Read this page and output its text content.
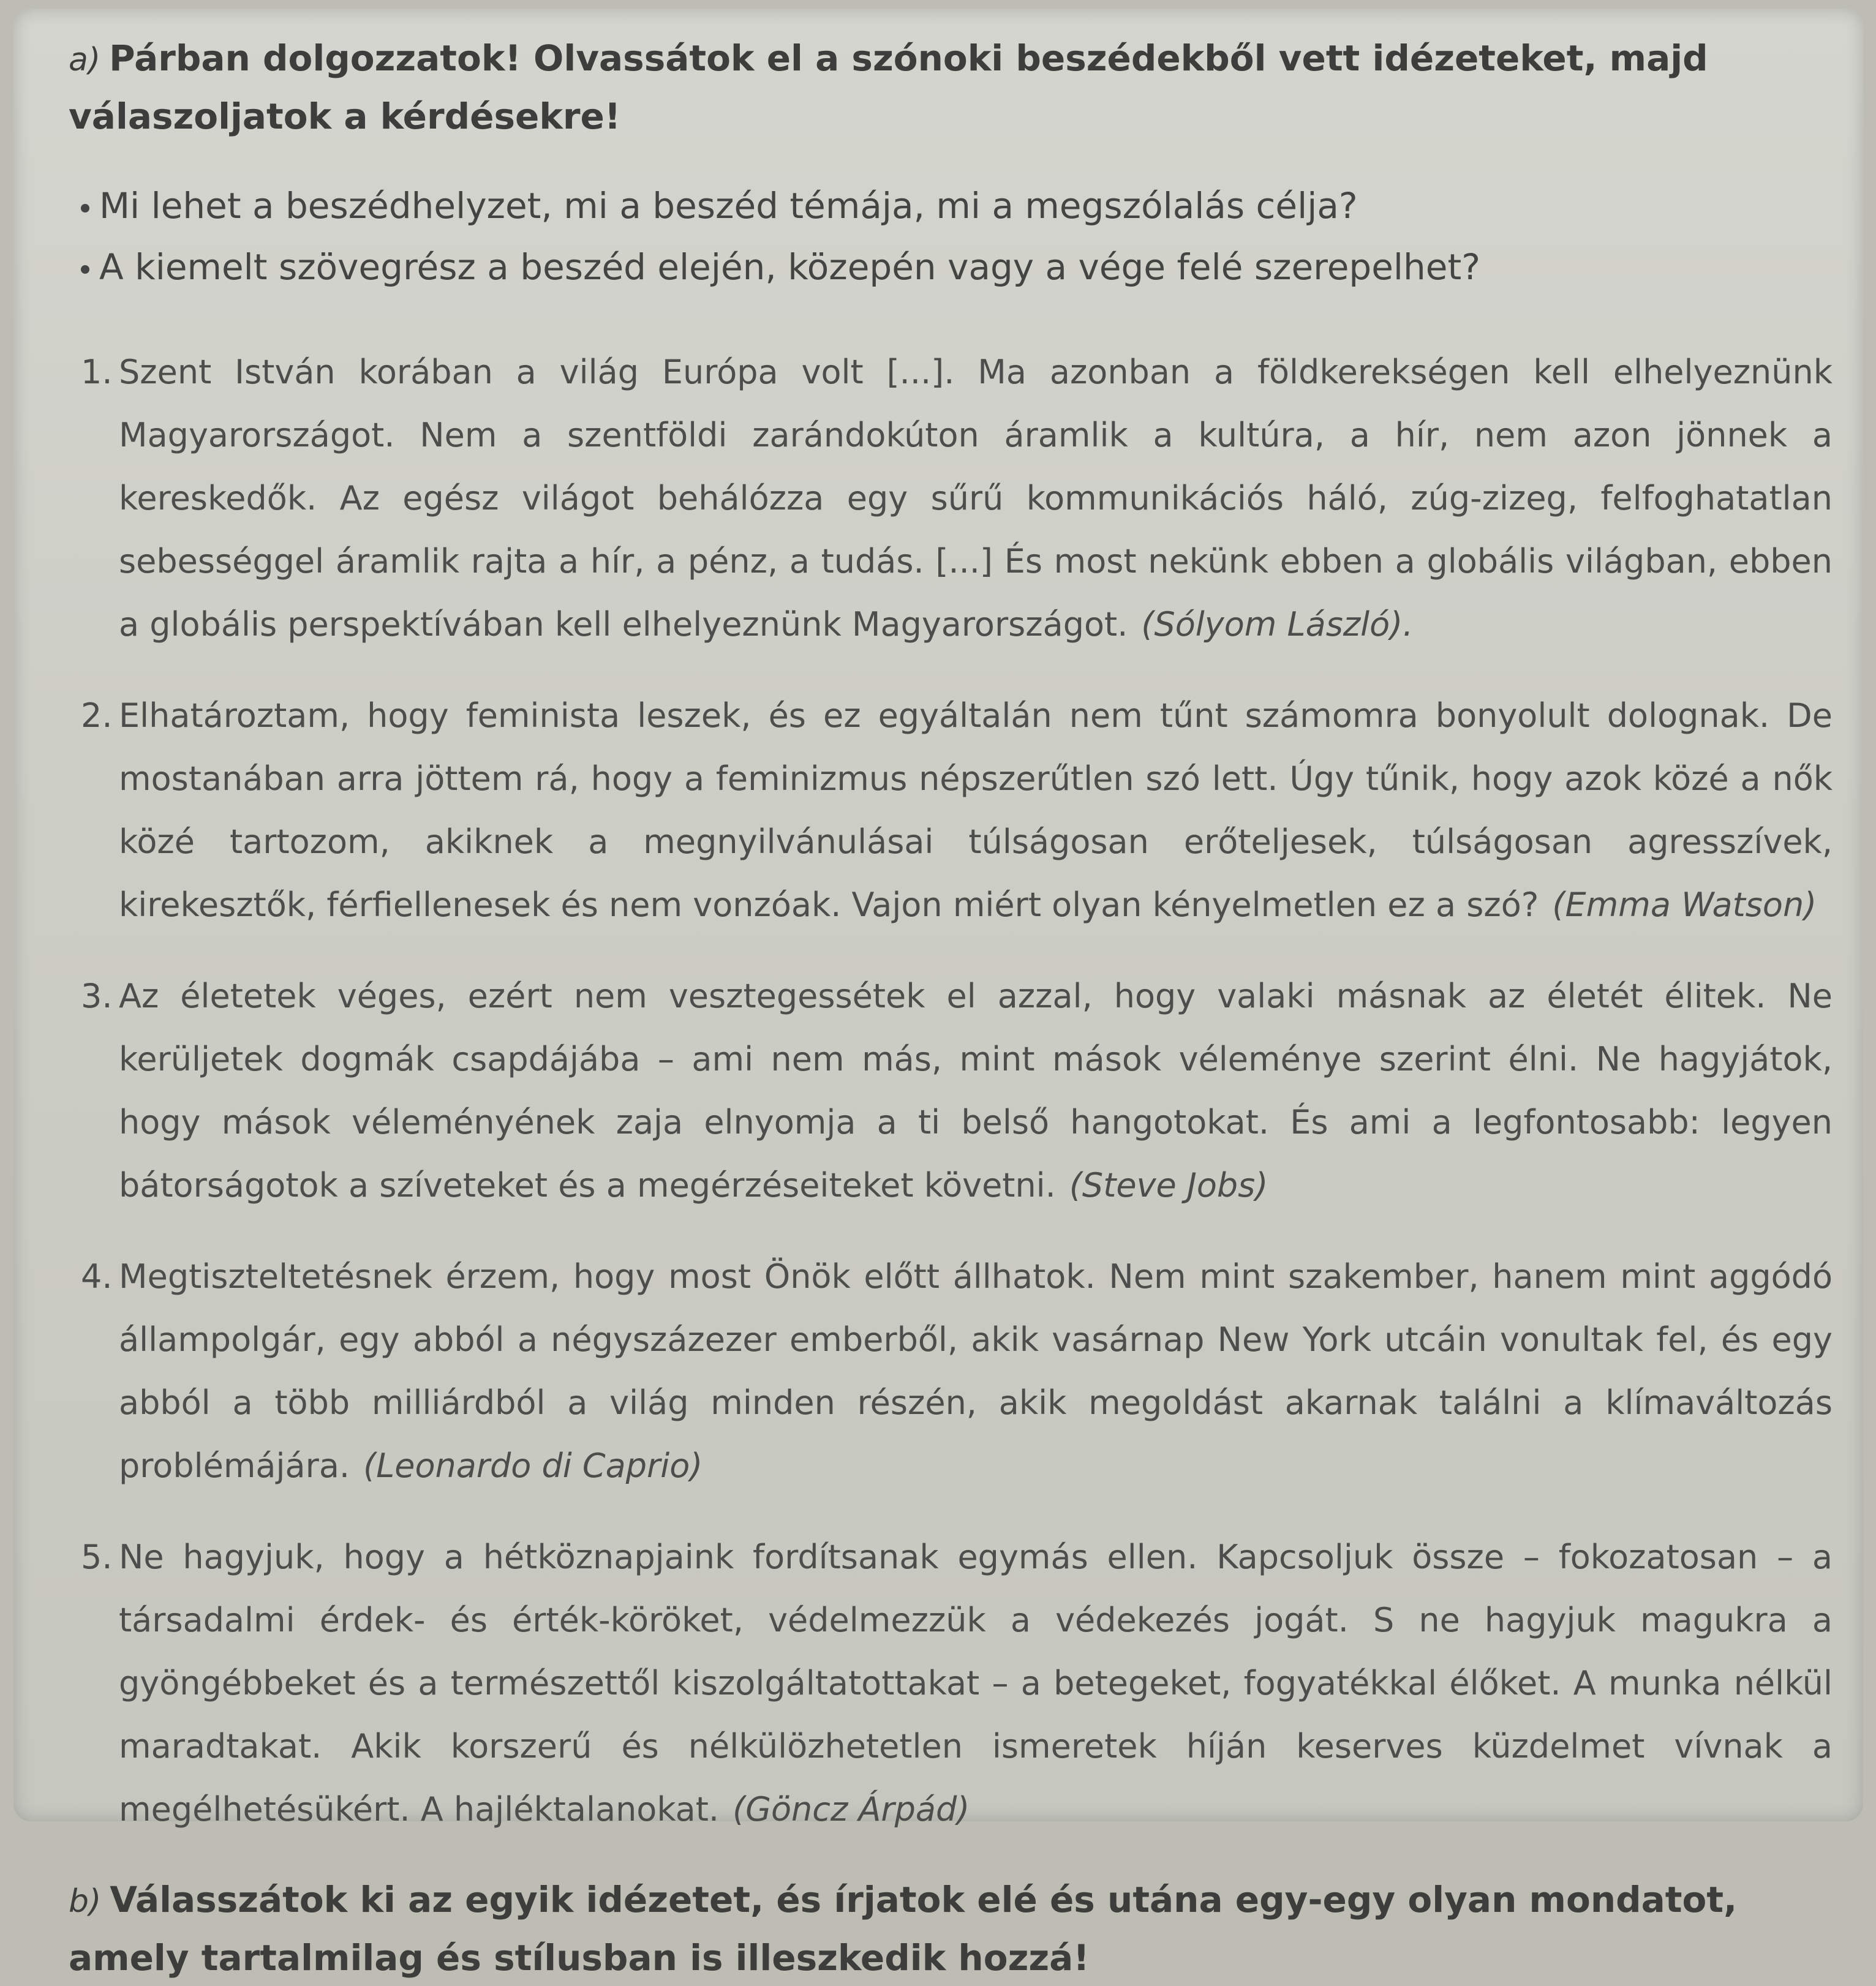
a) Párban dolgozzatok! Olvassátok el a szónoki beszédekből vett idézeteket, majd válaszoljatok a kérdésekre!

Mi lehet a beszédhelyzet, mi a beszéd témája, mi a megszólalás célja?
A kiemelt szövegrész a beszéd elején, közepén vagy a vége felé szerepelhet?
1. Szent István korában a világ Európa volt [...]. Ma azonban a földkerekségen kell elhelyeznünk Magyarországot. Nem a szentföldi zarándokúton áramlik a kultúra, a hír, nem azon jönnek a kereskedők. Az egész világot behálózza egy sűrű kommunikációs háló, zúg-zizeg, felfoghatatlan sebességgel áramlik rajta a hír, a pénz, a tudás. [...] És most nekünk ebben a globális világban, ebben a globális perspektívában kell elhelyeznünk Magyarországot. (Sólyom László).
2. Elhatároztam, hogy feminista leszek, és ez egyáltalán nem tűnt számomra bonyolult dolognak. De mostanában arra jöttem rá, hogy a feminizmus népszerűtlen szó lett. Úgy tűnik, hogy azok közé a nők közé tartozom, akiknek a megnyilvánulásai túlságosan erőteljesek, túlságosan agresszívek, kirekesztők, férfiellenesek és nem vonzóak. Vajon miért olyan kényelmetlen ez a szó? (Emma Watson)
3. Az életetek véges, ezért nem vesztegessétek el azzal, hogy valaki másnak az életét élitek. Ne kerüljetek dogmák csapdájába – ami nem más, mint mások véleménye szerint élni. Ne hagyjátok, hogy mások véleményének zaja elnyomja a ti belső hangotokat. És ami a legfontosabb: legyen bátorságotok a szíveteket és a megérzéseiteket követni. (Steve Jobs)
4. Megtiszteltetésnek érzem, hogy most Önök előtt állhatok. Nem mint szakember, hanem mint aggódó állampolgár, egy abból a négyszázezer emberből, akik vasárnap New York utcáin vonultak fel, és egy abból a több milliárdból a világ minden részén, akik megoldást akarnak találni a klímaváltozás problémájára. (Leonardo di Caprio)
5. Ne hagyjuk, hogy a hétköznapjaink fordítsanak egymás ellen. Kapcsoljuk össze – fokozatosan – a társadalmi érdek- és érték-köröket, védelmezzük a védekezés jogát. S ne hagyjuk magukra a gyöngébbeket és a természettől kiszolgáltatottakat – a betegeket, fogyatékkal élőket. A munka nélkül maradtakat. Akik korszerű és nélkülözhetetlen ismeretek híján keserves küzdelmet vívnak a megélhetésükért. A hajléktalanokat. (Göncz Árpád)

b) Válasszátok ki az egyik idézetet, és írjatok elé és utána egy-egy olyan mondatot, amely tartalmilag és stílusban is illeszkedik hozzá!
